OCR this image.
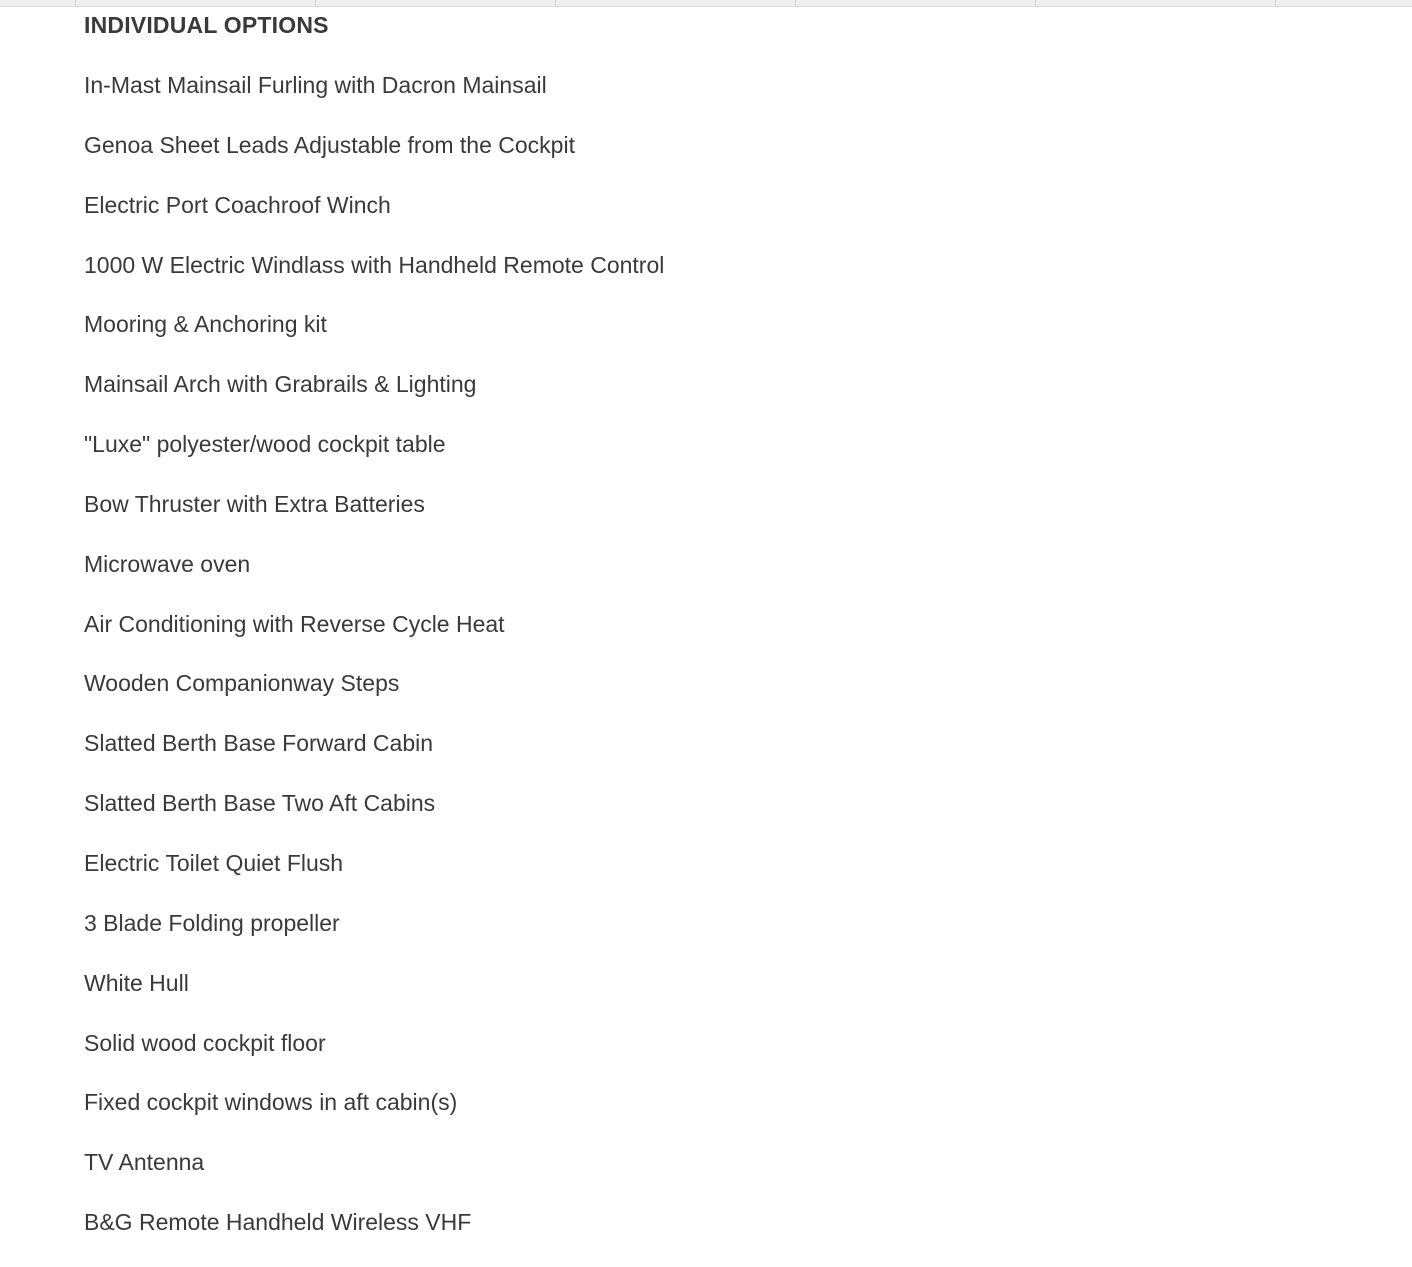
INDIVIDUAL OPTIONS
In-Mast Mainsail Furling with Dacron Mainsail
Genoa Sheet Leads Adjustable from the Cockpit
Electric Port Coachroof Winch
1000 W Electric Windlass with Handheld Remote Control
Mooring & Anchoring kit
Mainsail Arch with Grabrails & Lighting
"Luxe" polyester/wood cockpit table
Bow Thruster with Extra Batteries
Microwave oven
Air Conditioning with Reverse Cycle Heat
Wooden Companionway Steps
Slatted Berth Base Forward Cabin
Slatted Berth Base Two Aft Cabins
Electric Toilet Quiet Flush
3 Blade Folding propeller
White Hull
Solid wood cockpit floor
Fixed cockpit windows in aft cabin(s)
TV Antenna
B&G Remote Handheld Wireless VHF
